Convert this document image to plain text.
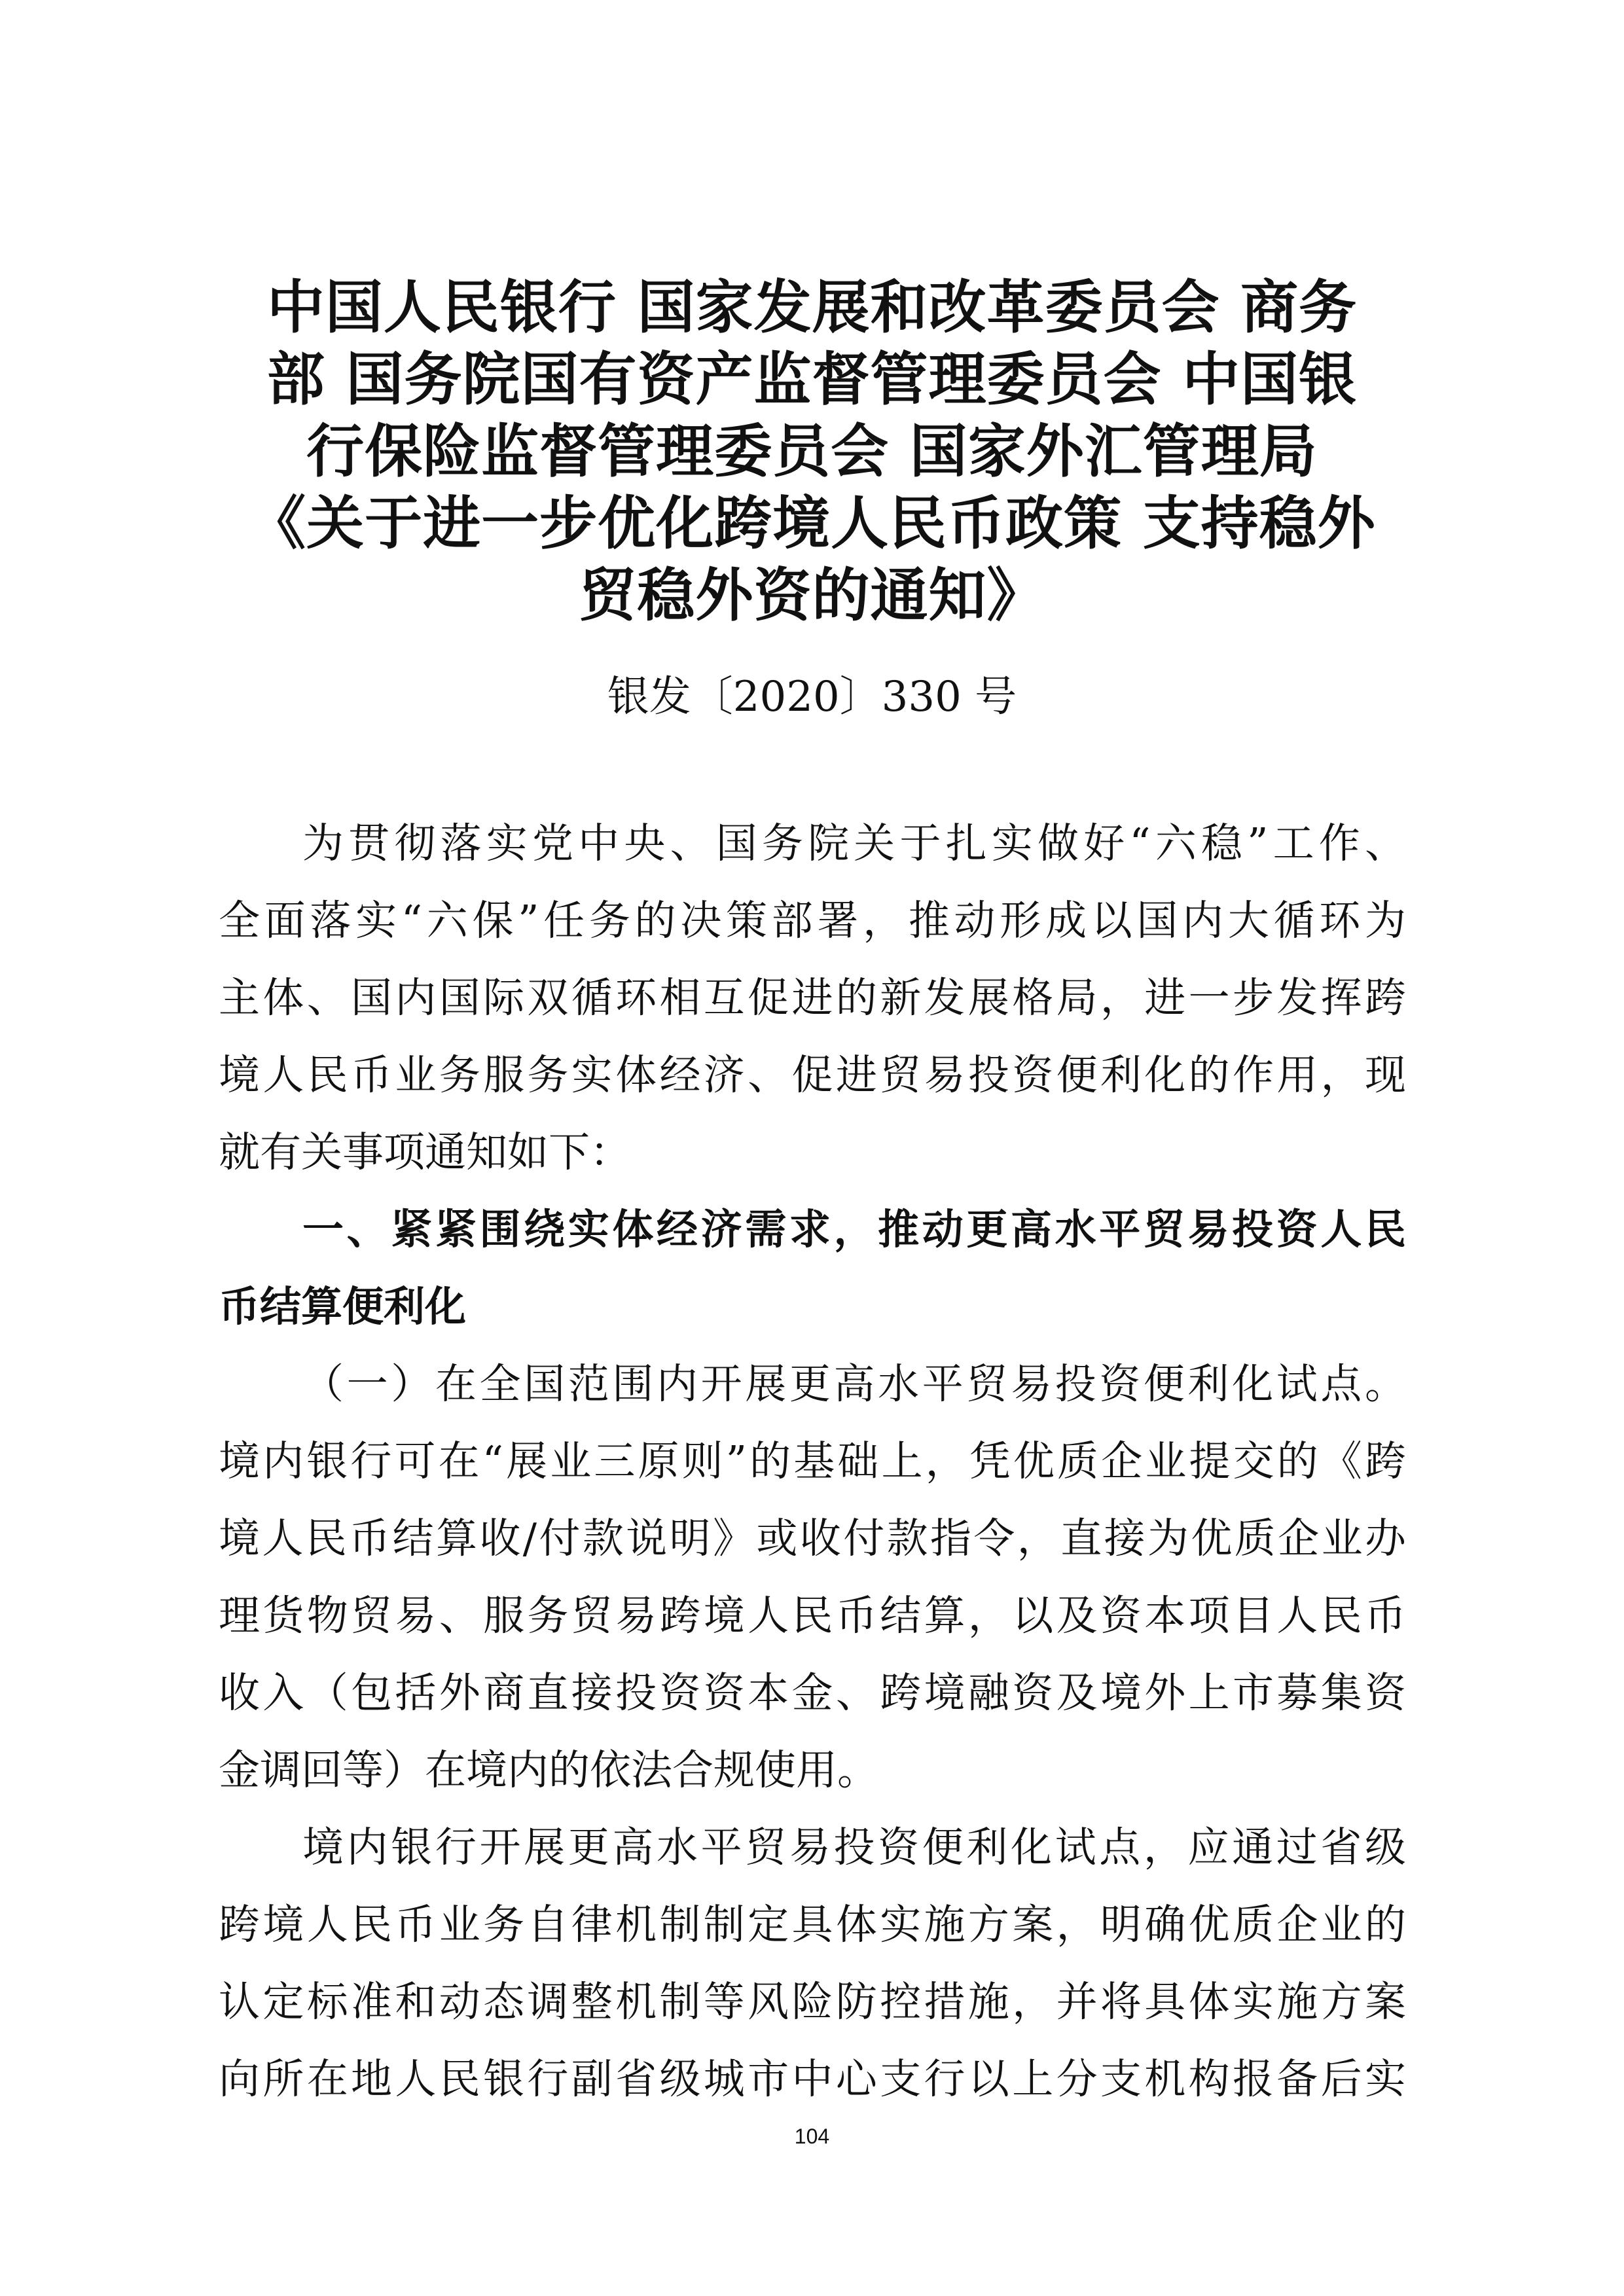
中国人民银行 国家发展和改革委员会 商务
部 国务院国有资产监督管理委员会 中国银
行保险监督管理委员会 国家外汇管理局
《关于进一步优化跨境人民币政策 支持稳外
贸稳外资的通知》
银发〔2020〕330 号
为贯彻落实党中央、国务院关于扎实做好“六稳”工作、
全面落实“六保”任务的决策部署，推动形成以国内大循环为
主体、国内国际双循环相互促进的新发展格局，进一步发挥跨
境人民币业务服务实体经济、促进贸易投资便利化的作用，现
就有关事项通知如下：
一、紧紧围绕实体经济需求，推动更高水平贸易投资人民
币结算便利化
（一）在全国范围内开展更高水平贸易投资便利化试点。
境内银行可在“展业三原则”的基础上，凭优质企业提交的《跨
境人民币结算收/付款说明》或收付款指令，直接为优质企业办
理货物贸易、服务贸易跨境人民币结算，以及资本项目人民币
收入（包括外商直接投资资本金、跨境融资及境外上市募集资
金调回等）在境内的依法合规使用。
境内银行开展更高水平贸易投资便利化试点，应通过省级
跨境人民币业务自律机制制定具体实施方案，明确优质企业的
认定标准和动态调整机制等风险防控措施，并将具体实施方案
向所在地人民银行副省级城市中心支行以上分支机构报备后实
104
